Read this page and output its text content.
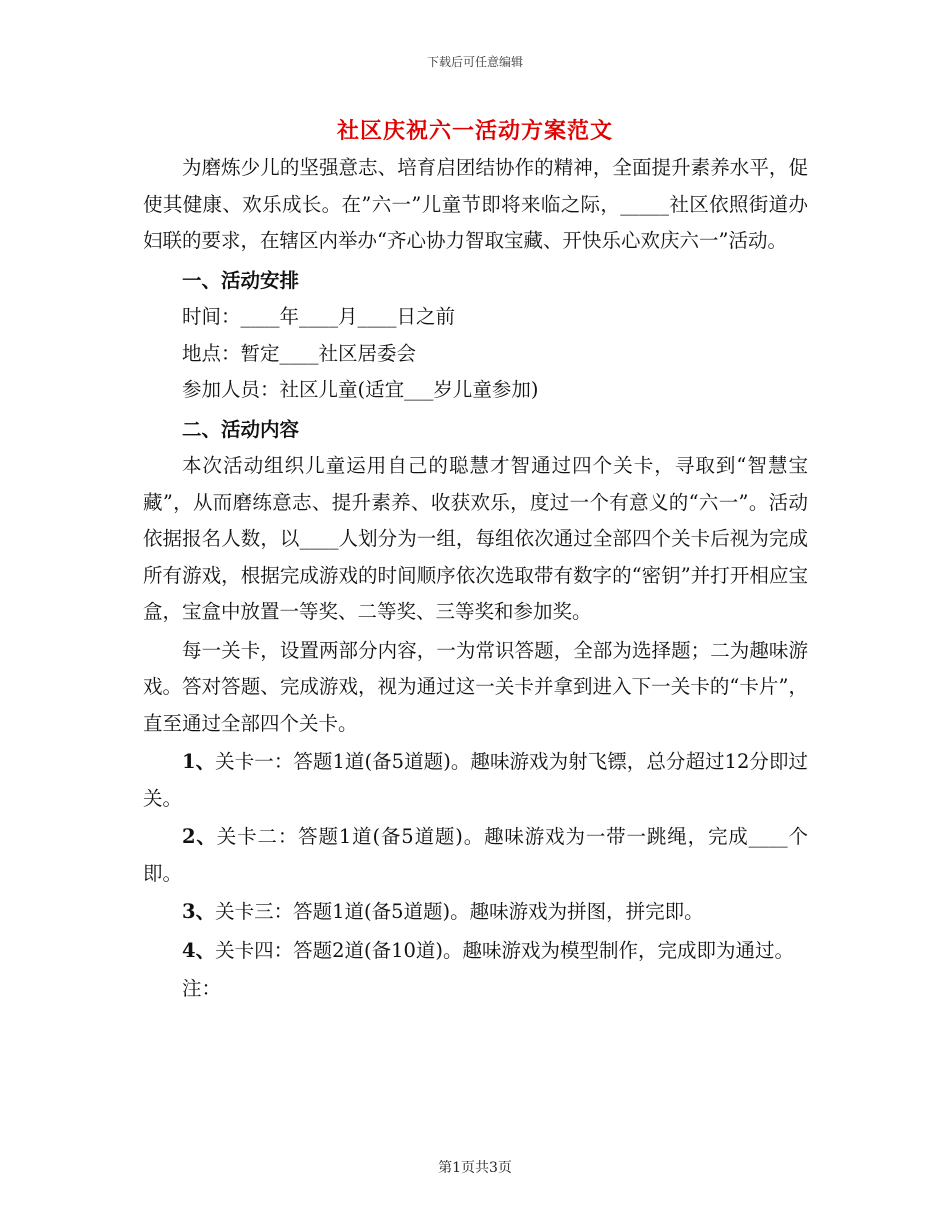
下载后可任意编辑
社区庆祝六一活动方案范文

为磨炼少儿的坚强意志、培育启团结协作的精神，全面提升素养水平，促使其健康、欢乐成长。在”六一”儿童节即将来临之际，_____社区依照街道办妇联的要求，在辖区内举办“齐心协力智取宝藏、开快乐心欢庆六一”活动。

一、活动安排

时间：____年____月____日之前

地点：暂定____社区居委会

参加人员：社区儿童(适宜___岁儿童参加)

二、活动内容

本次活动组织儿童运用自己的聪慧才智通过四个关卡，寻取到“智慧宝藏”，从而磨练意志、提升素养、收获欢乐，度过一个有意义的“六一”。活动依据报名人数，以____人划分为一组，每组依次通过全部四个关卡后视为完成所有游戏，根据完成游戏的时间顺序依次选取带有数字的“密钥”并打开相应宝盒，宝盒中放置一等奖、二等奖、三等奖和参加奖。

每一关卡，设置两部分内容，一为常识答题，全部为选择题；二为趣味游戏。答对答题、完成游戏，视为通过这一关卡并拿到进入下一关卡的“卡片”，直至通过全部四个关卡。

1、关卡一：答题1道(备5道题)。趣味游戏为射飞镖，总分超过12分即过关。

2、关卡二：答题1道(备5道题)。趣味游戏为一带一跳绳，完成____个即。

3、关卡三：答题1道(备5道题)。趣味游戏为拼图，拼完即。

4、关卡四：答题2道(备10道)。趣味游戏为模型制作，完成即为通过。

注：

第1页共3页
